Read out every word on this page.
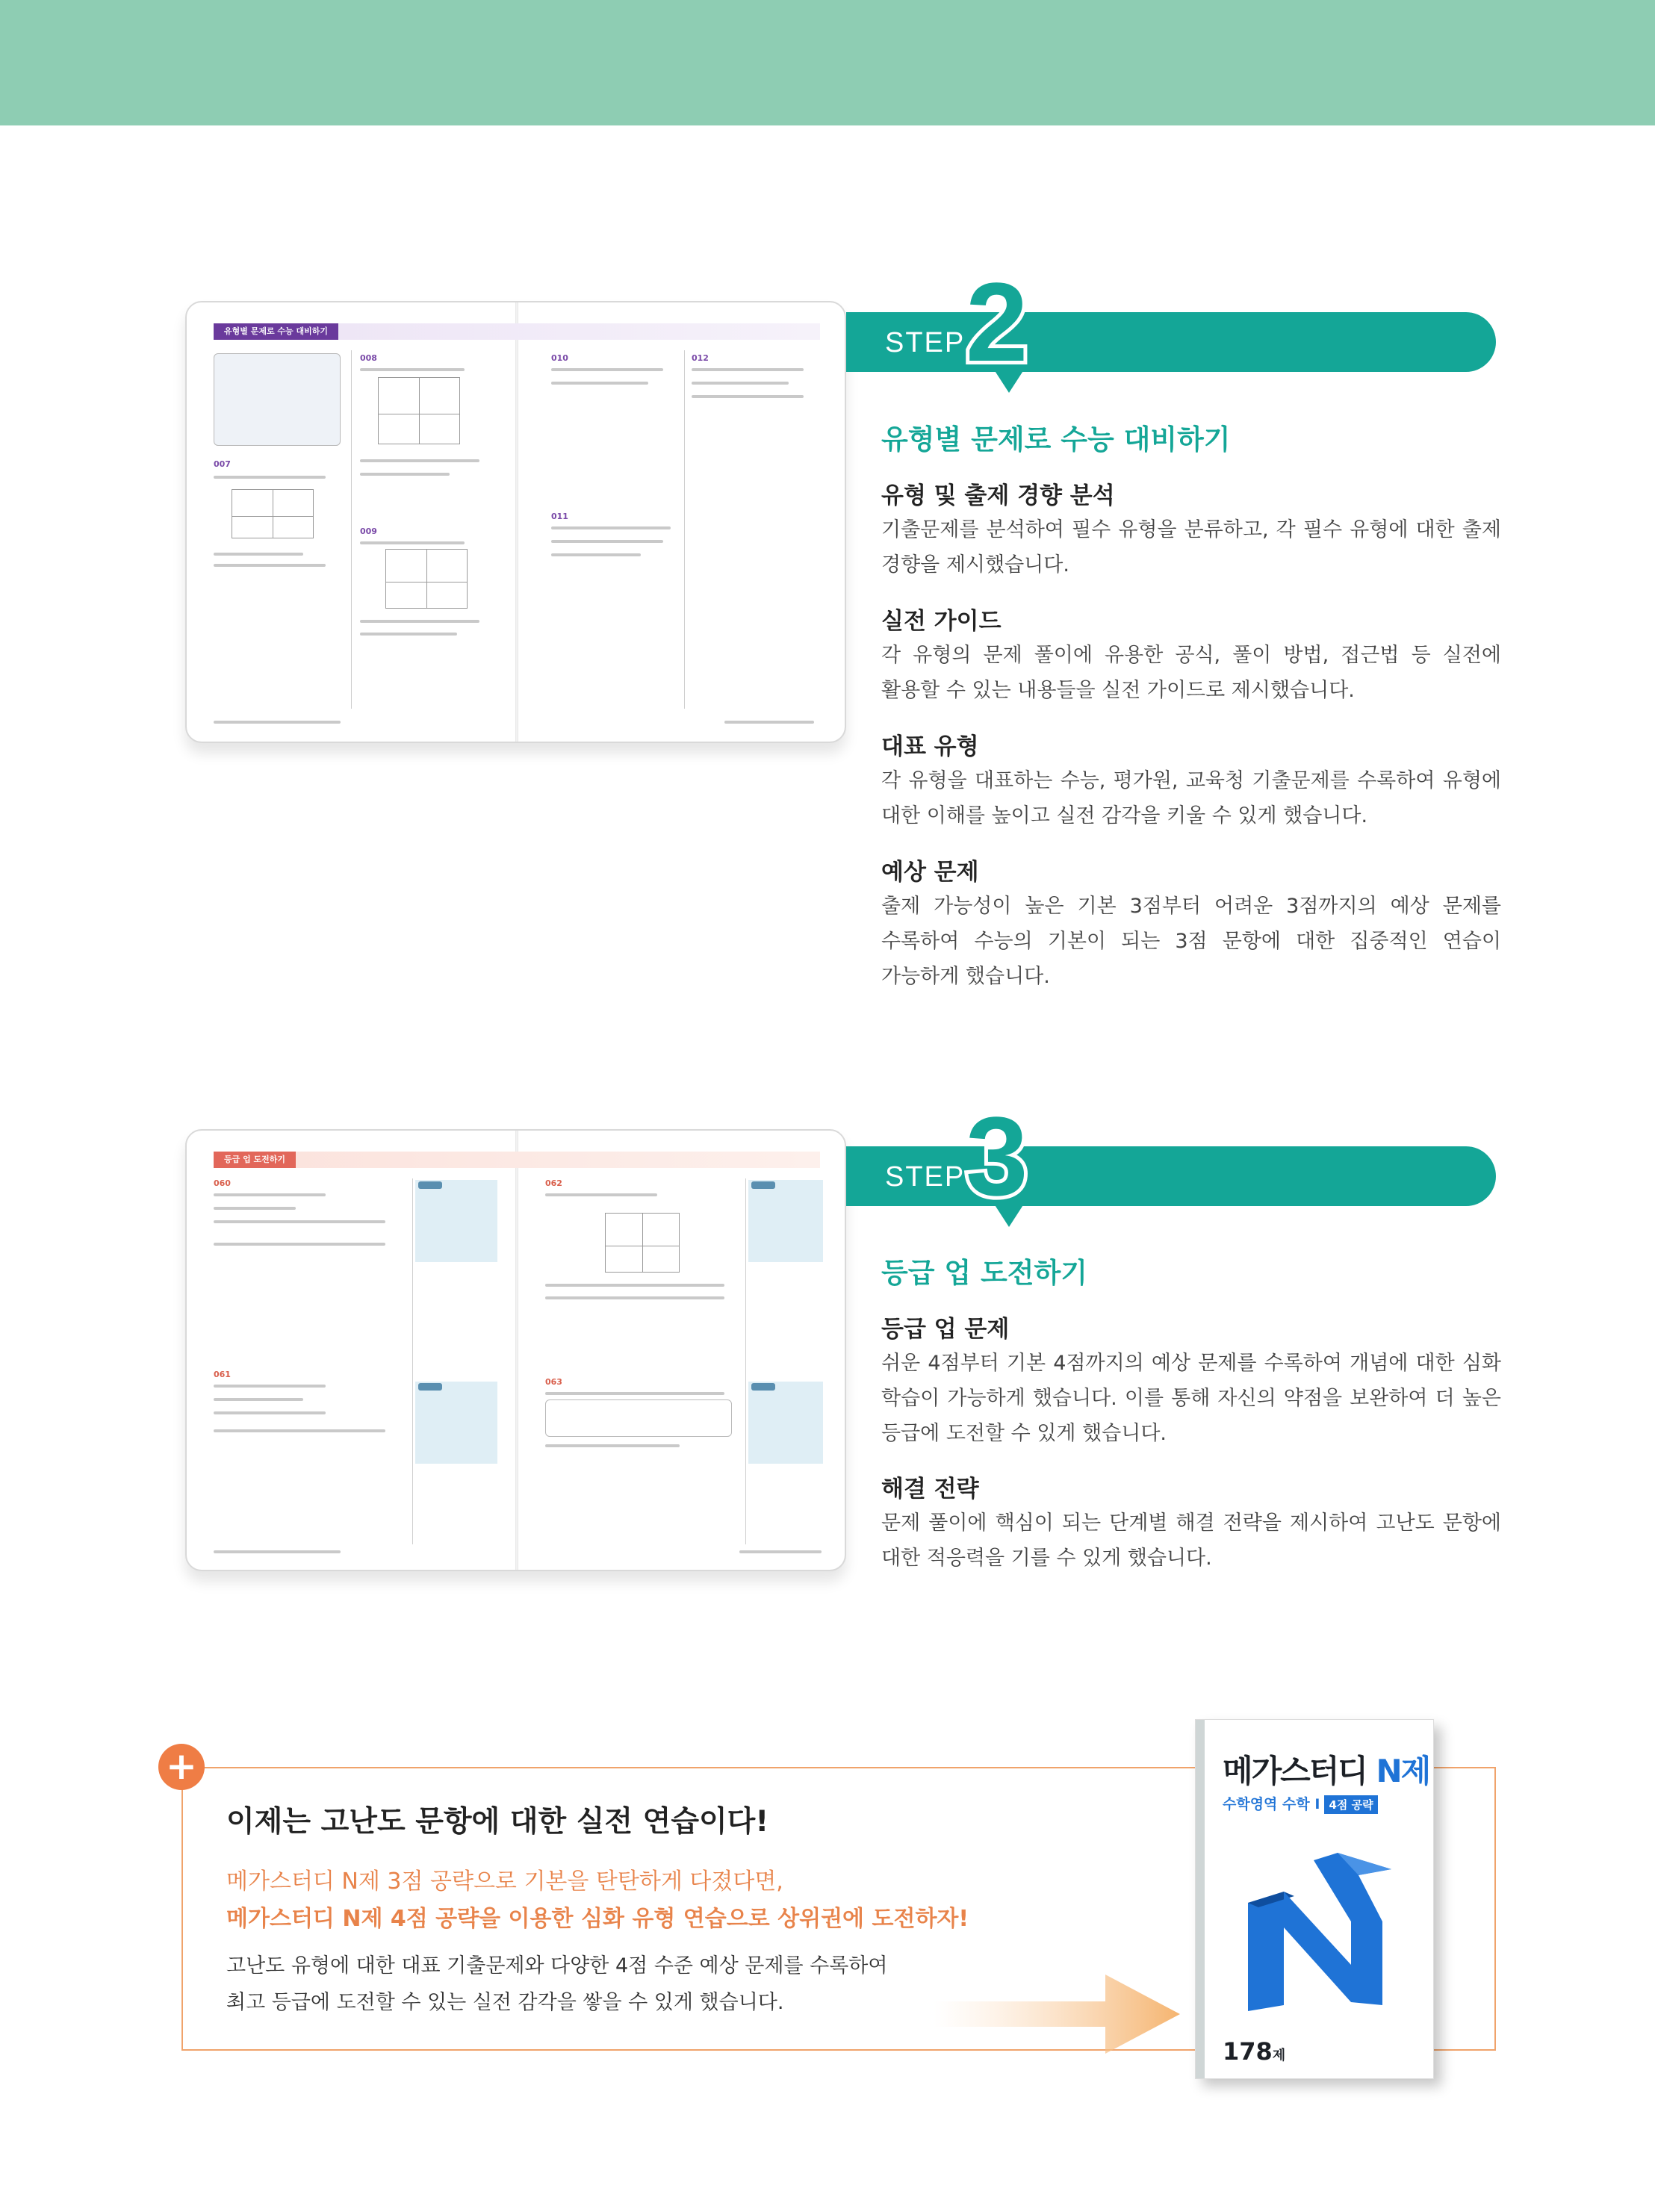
유형별 문제로 수능 대비하기
007
008
009
010
011
012	STEP 2
유형별 문제로 수능 대비하기
유형 및 출제 경향 분석
기출문제를 분석하여 필수 유형을 분류하고, 각 필수 유형에 대한 출제 경향을 제시했습니다.
실전 가이드
각 유형의 문제 풀이에 유용한 공식, 풀이 방법, 접근법 등 실전에 활용할 수 있는 내용들을 실전 가이드로 제시했습니다.
대표 유형
각 유형을 대표하는 수능, 평가원, 교육청 기출문제를 수록하여 유형에 대한 이해를 높이고 실전 감각을 키울 수 있게 했습니다.
예상 문제
출제 가능성이 높은 기본 3점부터 어려운 3점까지의 예상 문제를 수록하여 수능의 기본이 되는 3점 문항에 대한 집중적인 연습이 가능하게 했습니다.
등급 업 도전하기
060
061
062
063
STEP 3
등급 업 도전하기
등급 업 문제
쉬운 4점부터 기본 4점까지의 예상 문제를 수록하여 개념에 대한 심화 학습이 가능하게 했습니다. 이를 통해 자신의 약점을 보완하여 더 높은 등급에 도전할 수 있게 했습니다.
해결 전략
문제 풀이에 핵심이 되는 단계별 해결 전략을 제시하여 고난도 문항에 대한 적응력을 기를 수 있게 했습니다.
+
이제는 고난도 문항에 대한 실전 연습이다!
메가스터디 N제 3점 공략으로 기본을 탄탄하게 다졌다면,
메가스터디 N제 4점 공략을 이용한 심화 유형 연습으로 상위권에 도전하자!
고난도 유형에 대한 대표 기출문제와 다양한 4점 수준 예상 문제를 수록하여
최고 등급에 도전할 수 있는 실전 감각을 쌓을 수 있게 했습니다.
메가스터디 N제
수학영역 수학 Ⅰ 4점 공략
178제
